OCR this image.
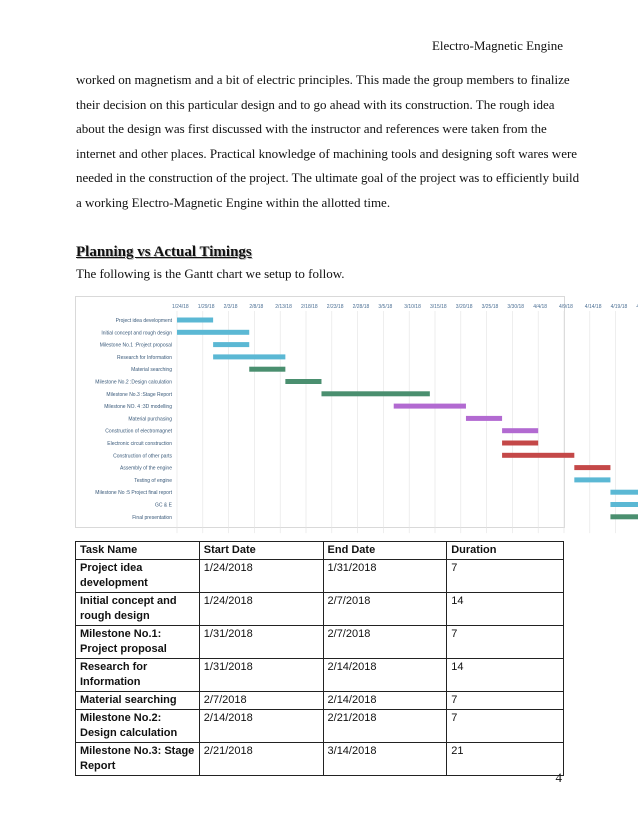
Electro-Magnetic Engine

worked on magnetism and a bit of electric principles. This made the group members to finalize
their decision on this particular design and to go ahead with its construction. The rough idea
about the design was first discussed with the instructor and references were taken from the
internet and other places. Practical knowledge of machining tools and designing soft wares were
needed in the construction of the project. The ultimate goal of the project was to efficiently build
a working Electro-Magnetic Engine within the allotted time.

Planning vs Actual Timings
The following is the Gantt chart we setup to follow.
1/24/18 1/29/18 2/3/18 2/8/18 2/13/18 2/18/18 2/23/18 2/28/18 3/5/18 3/10/18 3/15/18 3/20/18 3/25/18 3/30/18 4/4/18 4/9/18 4/14/18 4/19/18
Project idea development
Initial concept and rough design
Milestone No.1 :Project proposal
Research for Information
Material searching
Milestone No.2 :Design calculation
Milestone No.3 :Stage Report
Milestone NO. 4 :3D modelling
Material purchasing
Construction of electromagnet
Electronic circuit construction
Construction of other parts
Assembly of the engine
Testing of engine
Milestone No :5 Project final report
GC & E
Final presentation
Task Name	Start Date	End Date	Duration
Project idea development	1/24/2018	1/31/2018	7
Initial concept and rough design	1/24/2018	2/7/2018	14
Milestone No.1: Project proposal	1/31/2018	2/7/2018	7
Research for Information	1/31/2018	2/14/2018	14
Material searching	2/7/2018	2/14/2018	7
Milestone No.2: Design calculation	2/14/2018	2/21/2018	7
Milestone No.3: Stage Report	2/21/2018	3/14/2018	21
4
